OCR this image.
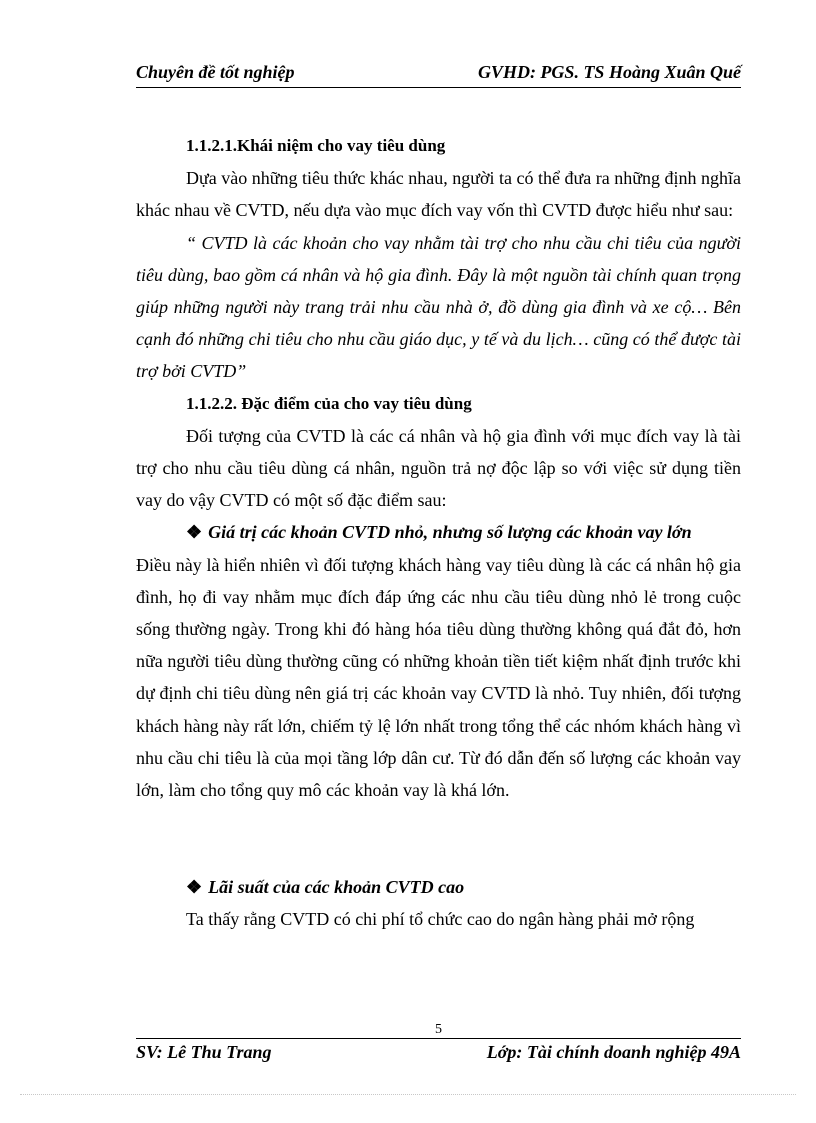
Chuyên đề tốt nghiệp	GVHD: PGS. TS Hoàng Xuân Quế

1.1.2.1.Khái niệm cho vay tiêu dùng

Dựa vào những tiêu thức khác nhau, người ta có thể đưa ra những định nghĩa khác nhau về CVTD, nếu dựa vào mục đích vay vốn thì CVTD được hiểu như sau:

“ CVTD là các khoản cho vay nhằm tài trợ cho nhu cầu chi tiêu của người tiêu dùng, bao gồm cá nhân và hộ gia đình. Đây là một nguồn tài chính quan trọng giúp những người này trang trải nhu cầu nhà ở, đồ dùng gia đình và xe cộ… Bên cạnh đó những chi tiêu cho nhu cầu giáo dục, y tế và du lịch… cũng có thể được tài trợ bởi CVTD”

1.1.2.2. Đặc điểm của cho vay tiêu dùng

Đối tượng của CVTD là các cá nhân và hộ gia đình với mục đích vay là tài trợ cho nhu cầu tiêu dùng cá nhân, nguồn trả nợ độc lập so với việc sử dụng tiền vay do vậy CVTD có một số đặc điểm sau:

❖ Giá trị các khoản CVTD nhỏ, nhưng số lượng các khoản vay lớn

Điều này là hiển nhiên vì đối tượng khách hàng vay tiêu dùng là các cá nhân hộ gia đình, họ đi vay nhằm mục đích đáp ứng các nhu cầu tiêu dùng nhỏ lẻ trong cuộc sống thường ngày. Trong khi đó hàng hóa tiêu dùng thường không quá đắt đỏ, hơn nữa người tiêu dùng thường cũng có những khoản tiền tiết kiệm nhất định trước khi dự định chi tiêu dùng nên giá trị các khoản vay CVTD là nhỏ. Tuy nhiên, đối tượng khách hàng này rất lớn, chiếm tỷ lệ lớn nhất trong tổng thể các nhóm khách hàng vì nhu cầu chi tiêu là của mọi tầng lớp dân cư. Từ đó dẫn đến số lượng các khoản vay lớn, làm cho tổng quy mô các khoản vay là khá lớn.

❖ Lãi suất của các khoản CVTD cao

Ta thấy rằng CVTD có chi phí tổ chức cao do ngân hàng phải mở rộng

5
SV: Lê Thu Trang	Lớp: Tài chính doanh nghiệp 49A
